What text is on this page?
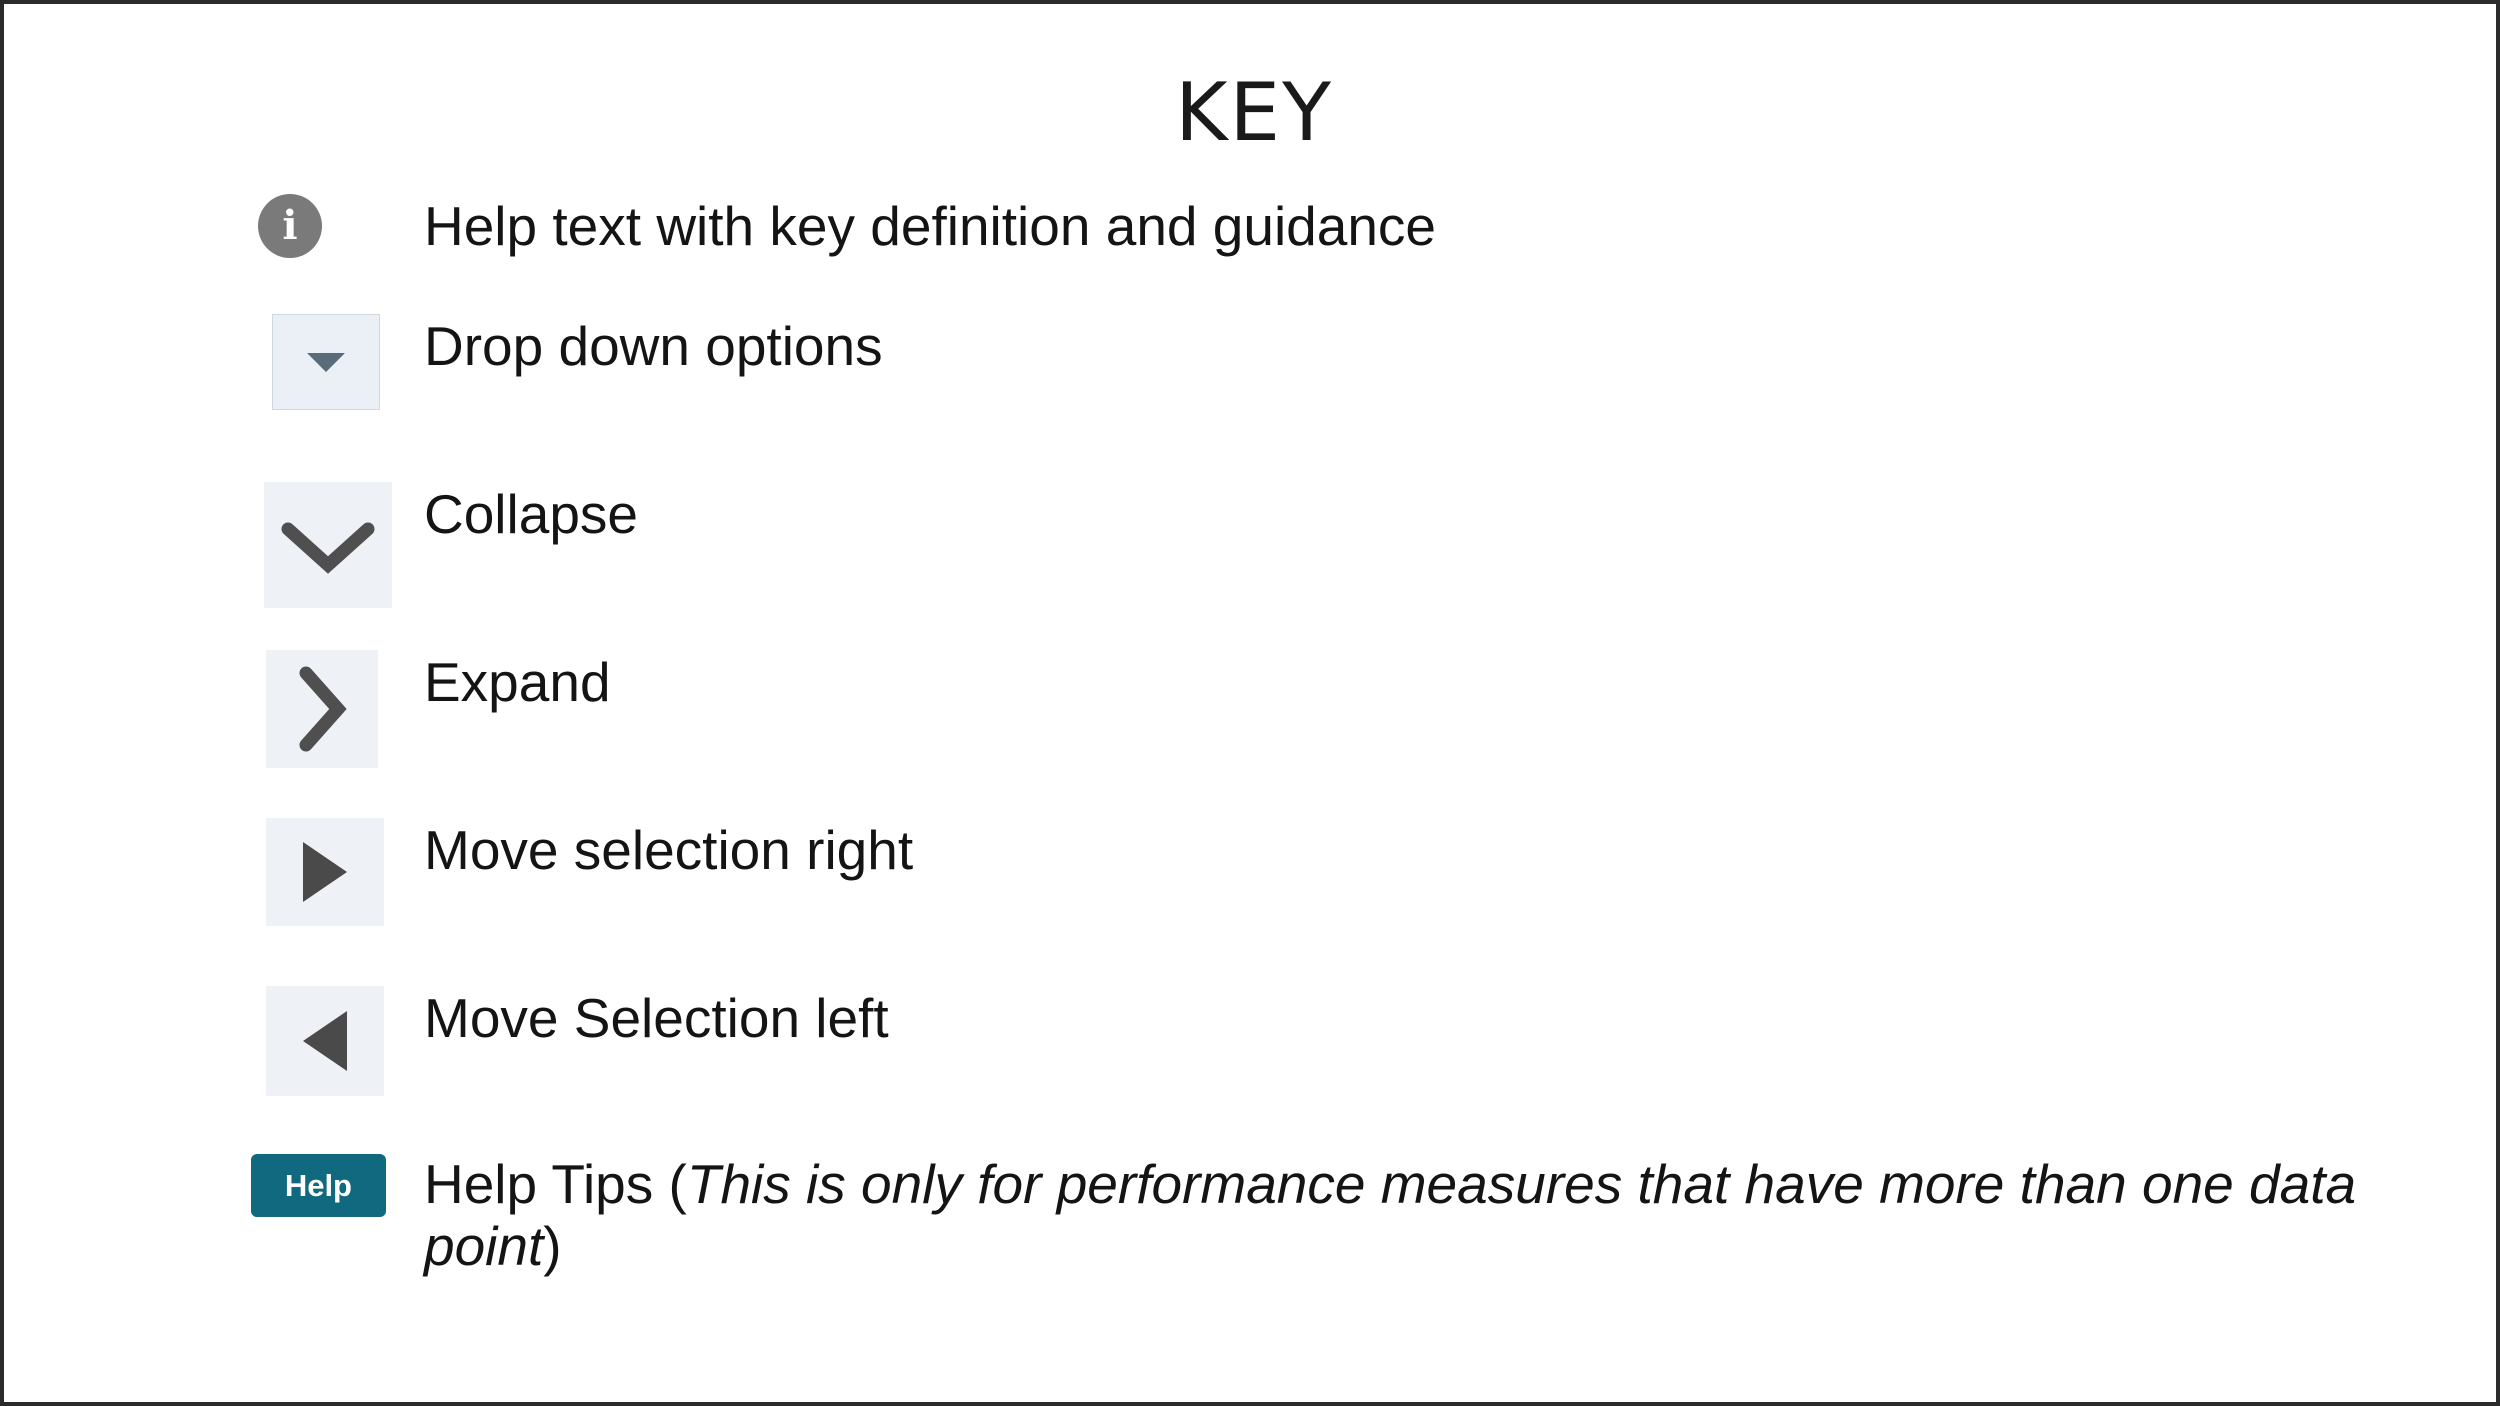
KEY
i Help text with key definition and guidance
Drop down options
Collapse
Expand
Move selection right
Move Selection left
Help	Help Tips (This is only for performance measures that have more than one data point)
